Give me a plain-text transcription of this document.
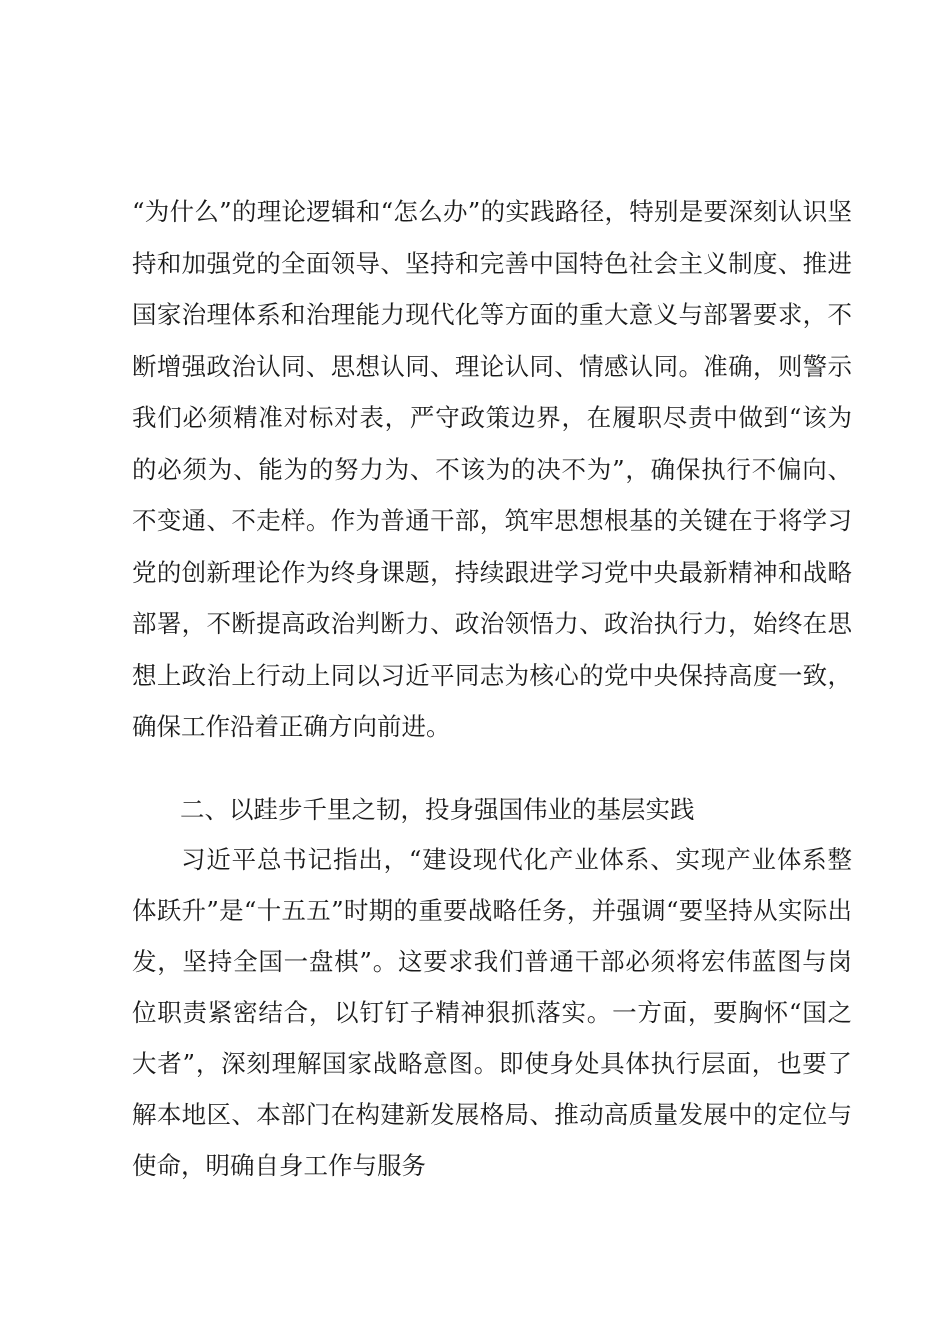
“为什么”的理论逻辑和“怎么办”的实践路径，特别是要深刻认识坚持和加强党的全面领导、坚持和完善中国特色社会主义制度、推进国家治理体系和治理能力现代化等方面的重大意义与部署要求，不断增强政治认同、思想认同、理论认同、情感认同。准确，则警示我们必须精准对标对表，严守政策边界，在履职尽责中做到“该为的必须为、能为的努力为、不该为的决不为”，确保执行不偏向、不变通、不走样。作为普通干部，筑牢思想根基的关键在于将学习党的创新理论作为终身课题，持续跟进学习党中央最新精神和战略部署，不断提高政治判断力、政治领悟力、政治执行力，始终在思想上政治上行动上同以习近平同志为核心的党中央保持高度一致，确保工作沿着正确方向前进。
二、以跬步千里之韧，投身强国伟业的基层实践
习近平总书记指出，“建设现代化产业体系、实现产业体系整体跃升”是“十五五”时期的重要战略任务，并强调“要坚持从实际出发，坚持全国一盘棋”。这要求我们普通干部必须将宏伟蓝图与岗位职责紧密结合，以钉钉子精神狠抓落实。一方面，要胸怀“国之大者”，深刻理解国家战略意图。即使身处具体执行层面，也要了解本地区、本部门在构建新发展格局、推动高质量发展中的定位与使命，明确自身工作与服务
